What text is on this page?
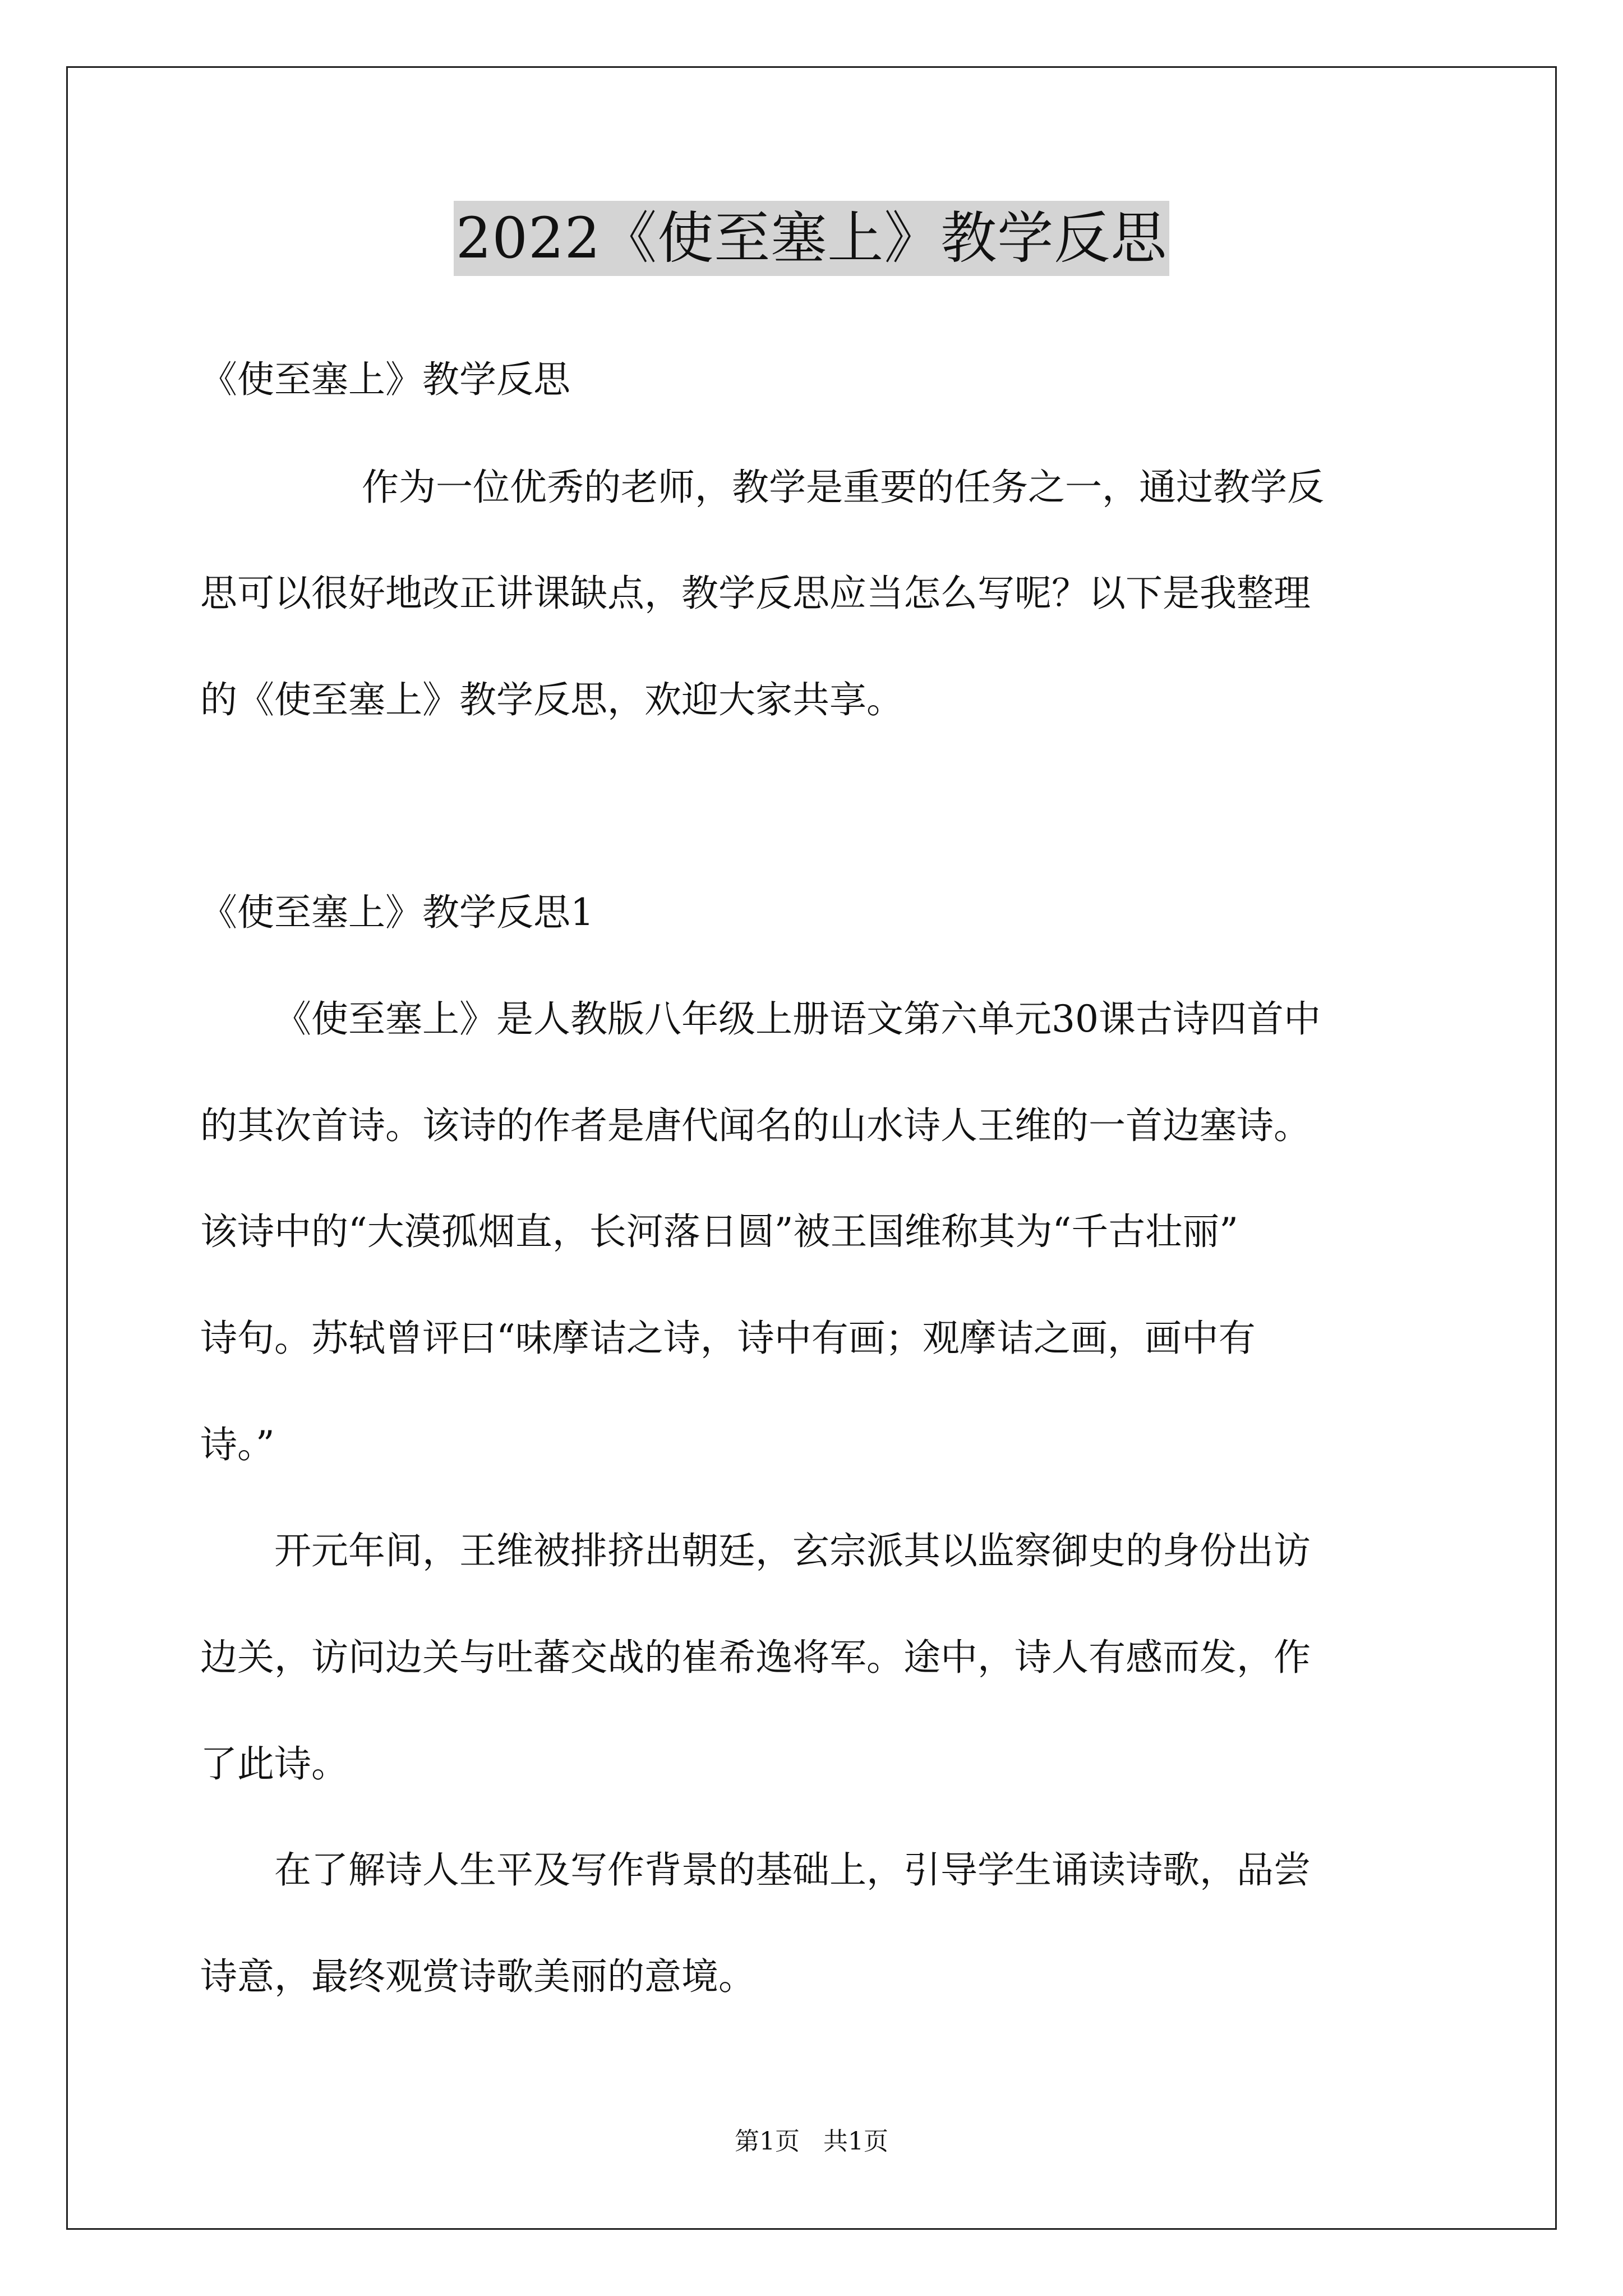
2022《使至塞上》教学反思
《使至塞上》教学反思
作为一位优秀的老师，教学是重要的任务之一，通过教学反
思可以很好地改正讲课缺点，教学反思应当怎么写呢？以下是我整理
的《使至塞上》教学反思，欢迎大家共享。
《使至塞上》教学反思1
《使至塞上》是人教版八年级上册语文第六单元30课古诗四首中
的其次首诗。该诗的作者是唐代闻名的山水诗人王维的一首边塞诗。
该诗中的“大漠孤烟直，长河落日圆”被王国维称其为“千古壮丽”
诗句。苏轼曾评曰“味摩诘之诗，诗中有画；观摩诘之画，画中有
诗。”
开元年间，王维被排挤出朝廷，玄宗派其以监察御史的身份出访
边关，访问边关与吐蕃交战的崔希逸将军。途中，诗人有感而发，作
了此诗。
在了解诗人生平及写作背景的基础上，引导学生诵读诗歌，品尝
诗意，最终观赏诗歌美丽的意境。
第1页   共1页
